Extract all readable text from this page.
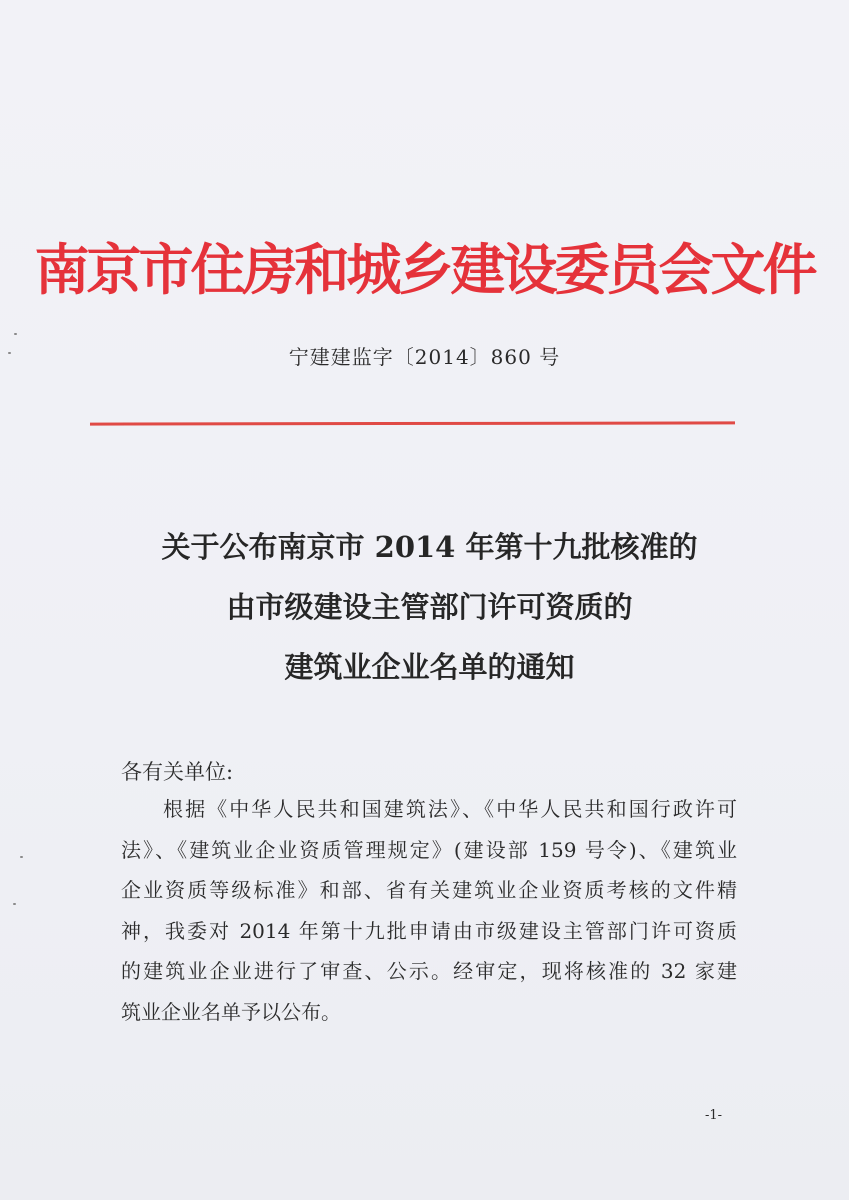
南京市住房和城乡建设委员会文件
宁建建监字〔2014〕860 号
关于公布南京市 2014 年第十九批核准的
由市级建设主管部门许可资质的
建筑业企业名单的通知
各有关单位:
根据《中华人民共和国建筑法》、《中华人民共和国行政许可
法》、《建筑业企业资质管理规定》(建设部 159 号令)、《建筑业
企业资质等级标准》和部、省有关建筑业企业资质考核的文件精
神，我委对 2014 年第十九批申请由市级建设主管部门许可资质
的建筑业企业进行了审查、公示。经审定，现将核准的 32 家建
筑业企业名单予以公布。
-1-
